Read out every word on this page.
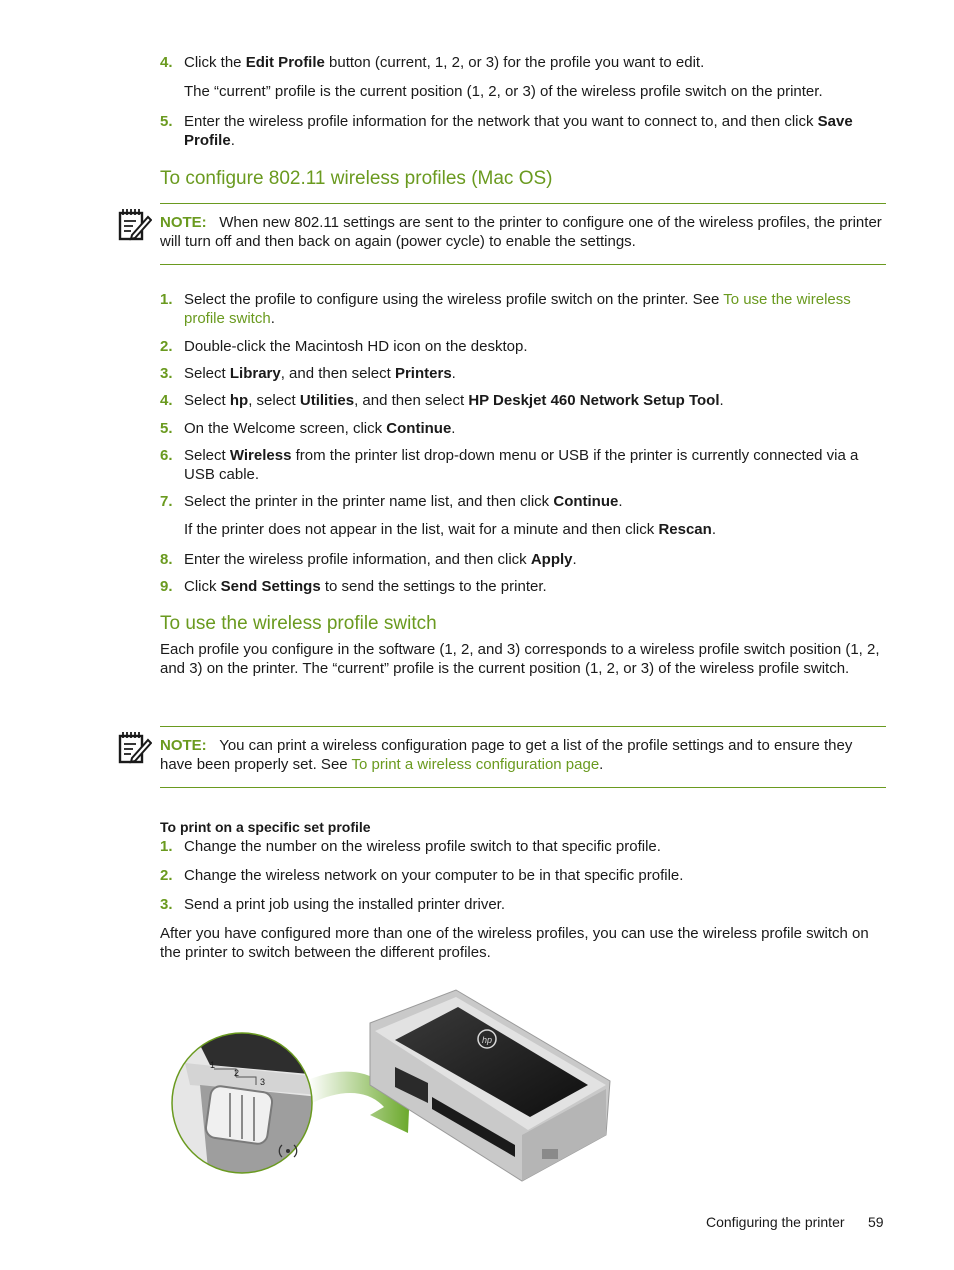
4. Click the Edit Profile button (current, 1, 2, or 3) for the profile you want to edit.
The “current” profile is the current position (1, 2, or 3) of the wireless profile switch on the printer.
5. Enter the wireless profile information for the network that you want to connect to, and then click Save Profile.
To configure 802.11 wireless profiles (Mac OS)
NOTE: When new 802.11 settings are sent to the printer to configure one of the wireless profiles, the printer will turn off and then back on again (power cycle) to enable the settings.
1. Select the profile to configure using the wireless profile switch on the printer. See To use the wireless profile switch.
2. Double-click the Macintosh HD icon on the desktop.
3. Select Library, and then select Printers.
4. Select hp, select Utilities, and then select HP Deskjet 460 Network Setup Tool.
5. On the Welcome screen, click Continue.
6. Select Wireless from the printer list drop-down menu or USB if the printer is currently connected via a USB cable.
7. Select the printer in the printer name list, and then click Continue.
If the printer does not appear in the list, wait for a minute and then click Rescan.
8. Enter the wireless profile information, and then click Apply.
9. Click Send Settings to send the settings to the printer.
To use the wireless profile switch
Each profile you configure in the software (1, 2, and 3) corresponds to a wireless profile switch position (1, 2, and 3) on the printer. The “current” profile is the current position (1, 2, or 3) of the wireless profile switch.
NOTE: You can print a wireless configuration page to get a list of the profile settings and to ensure they have been properly set. See To print a wireless configuration page.
To print on a specific set profile
1. Change the number on the wireless profile switch to that specific profile.
2. Change the wireless network on your computer to be in that specific profile.
3. Send a print job using the installed printer driver.
After you have configured more than one of the wireless profiles, you can use the wireless profile switch on the printer to switch between the different profiles.
hp
1
2
3
Configuring the printer 59
